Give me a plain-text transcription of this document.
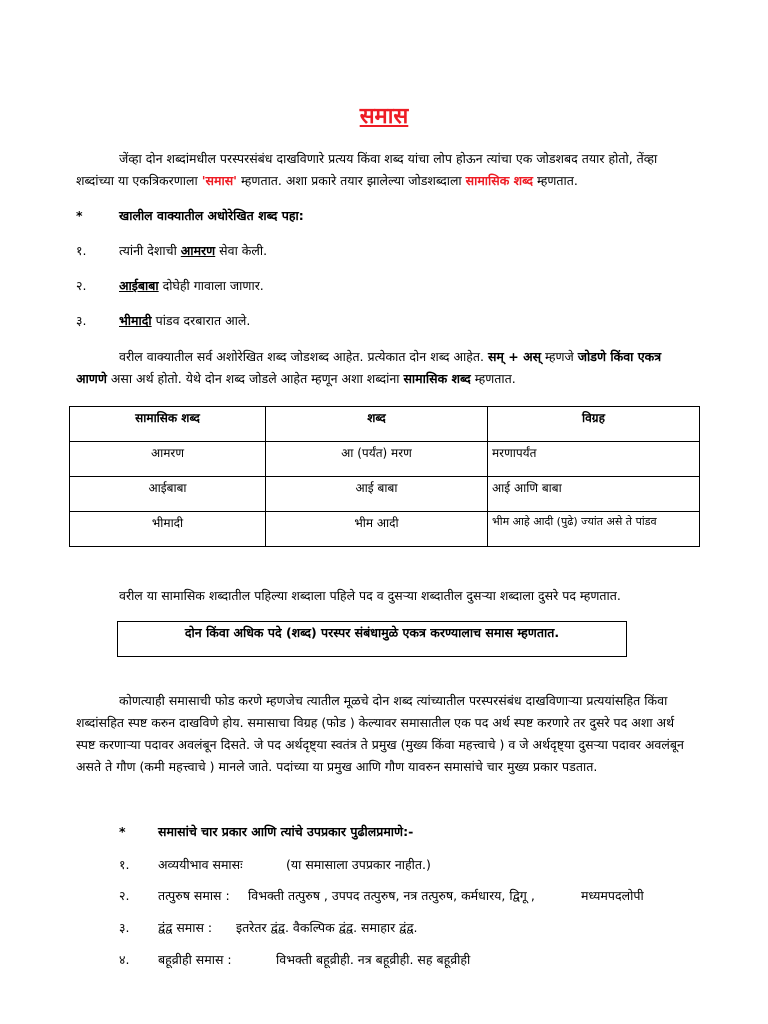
समास
जेंव्हा दोन शब्दांमधील परस्परसंबंध दाखविणारे प्रत्यय किंवा शब्द यांचा लोप होऊन त्यांचा एक जोडशबद तयार होतो, तेंव्हा शब्दांच्या या एकत्रिकरणाला 'समास' म्हणतात. अशा प्रकारे तयार झालेल्या जोडशब्दाला सामासिक शब्द म्हणतात.
*	खालील वाक्यातील अधोरेखित शब्द पहा:
१.	त्यांनी देशाची आमरण सेवा केली.
२.	आईबाबा दोघेही गावाला जाणार.
३.	भीमादी पांडव दरबारात आले.
वरील वाक्यातील सर्व अशोरेखित शब्द जोडशब्द आहेत. प्रत्येकात दोन शब्द आहेत. सम् + अस् म्हणजे जोडणे किंवा एकत्र आणणे असा अर्थ होतो. येथे दोन शब्द जोडले आहेत म्हणून अशा शब्दांना सामासिक शब्द म्हणतात.
सामासिक शब्द	शब्द	विग्रह
आमरण	आ (पर्यंत) मरण	मरणापर्यंत
आईबाबा	आई बाबा	आई आणि बाबा
भीमादी	भीम आदी	भीम आहे आदी (पुढे) ज्यांत असे ते पांडव
वरील या सामासिक शब्दातील पहिल्या शब्दाला पहिले पद व दुसऱ्या शब्दातील दुसऱ्या शब्दाला दुसरे पद म्हणतात.
दोन किंवा अधिक पदे (शब्द) परस्पर संबंधामुळे एकत्र करण्यालाच समास म्हणतात.
कोणत्याही समासाची फोड करणे म्हणजेच त्यातील मूळचे दोन शब्द त्यांच्यातील परस्परसंबंध दाखविणाऱ्या प्रत्ययांसहित किंवा शब्दांसहित स्पष्ट करुन दाखविणे होय. समासाचा विग्रह (फोड ) केल्यावर समासातील एक पद अर्थ स्पष्ट करणारे तर दुसरे पद अशा अर्थ स्पष्ट करणाऱ्या पदावर अवलंबून दिसते. जे पद अर्थदृष्ट्या स्वतंत्र ते प्रमुख (मुख्य किंवा महत्त्वाचे ) व जे अर्थदृष्ट्या दुसऱ्या पदावर अवलंबून असते ते गौण (कमी महत्त्वाचे ) मानले जाते. पदांच्या या प्रमुख आणि गौण यावरुन समासांचे चार मुख्य प्रकार पडतात.
*	समासांचे चार प्रकार आणि त्यांचे उपप्रकार पुढीलप्रमाणे:-
१. अव्ययीभाव समासः	(या समासाला उपप्रकार नाहीत.)
२. तत्पुरुष समास : विभक्ती तत्पुरुष , उपपद तत्पुरुष, नत्र तत्पुरुष, कर्मधारय, द्विगू ,	मध्यमपदलोपी
३. द्वंद्व समास : इतरेतर द्वंद्व. वैकल्पिक द्वंद्व. समाहार द्वंद्व.
४. बहूव्रीही समास :	विभक्ती बहूव्रीही. नत्र बहूव्रीही. सह बहूव्रीही
